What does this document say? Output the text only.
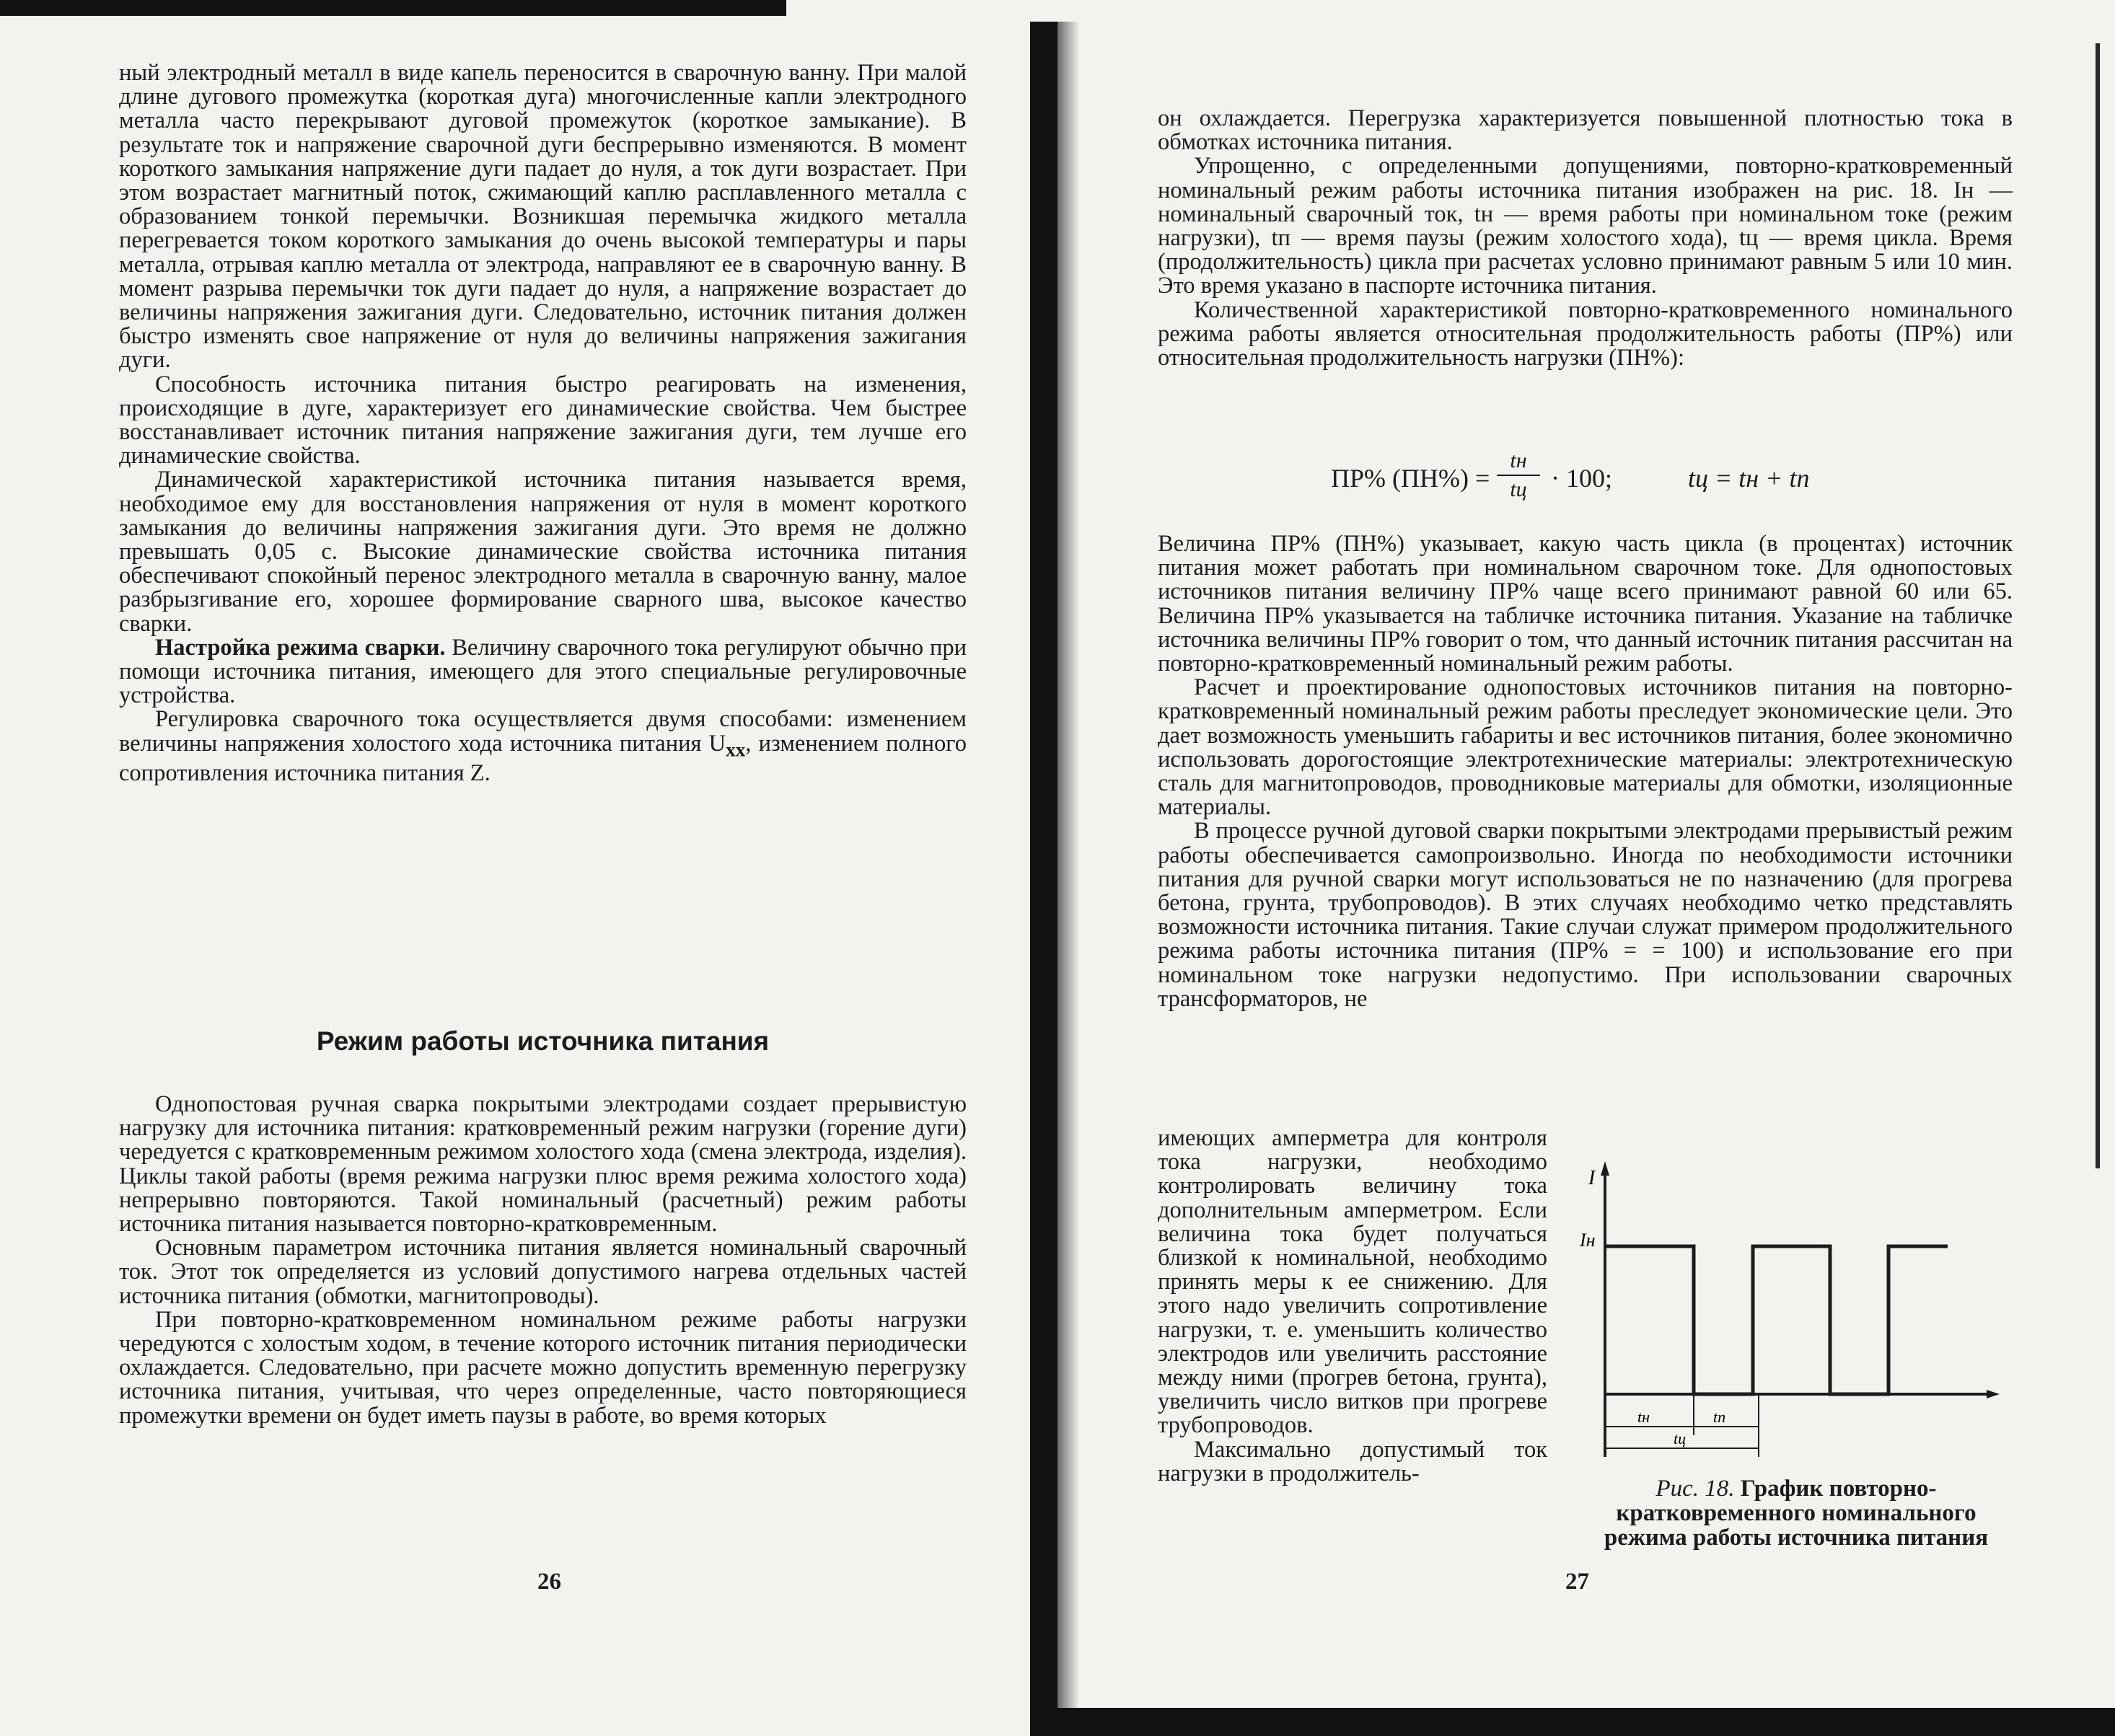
ный электродный металл в виде капель переносится в сварочную ванну. При малой длине дугового промежутка (короткая дуга) многочисленные капли электродного металла часто перекрывают дуговой промежуток (короткое замыкание). В результате ток и напряжение сварочной дуги беспрерывно изменяются. В момент короткого замыкания напряжение дуги падает до нуля, а ток дуги возрастает. При этом возрастает магнитный поток, сжимающий каплю расплавленного металла с образованием тонкой перемычки. Возникшая перемычка жидкого металла перегревается током короткого замыкания до очень высокой температуры и пары металла, отрывая каплю металла от электрода, направляют ее в сварочную ванну. В момент разрыва перемычки ток дуги падает до нуля, а напряжение возрастает до величины напряжения зажигания дуги. Следовательно, источник питания должен быстро изменять свое напряжение от нуля до величины напряжения зажигания дуги.

Способность источника питания быстро реагировать на изменения, происходящие в дуге, характеризует его динамические свойства. Чем быстрее восстанавливает источник питания напряжение зажигания дуги, тем лучше его динамические свойства.

Динамической характеристикой источника питания называется время, необходимое ему для восстановления напряжения от нуля в момент короткого замыкания до величины напряжения зажигания дуги. Это время не должно превышать 0,05 с. Высокие динамические свойства источника питания обеспечивают спокойный перенос электродного металла в сварочную ванну, малое разбрызгивание его, хорошее формирование сварного шва, высокое качество сварки.

Настройка режима сварки. Величину сварочного тока регулируют обычно при помощи источника питания, имеющего для этого специальные регулировочные устройства.

Регулировка сварочного тока осуществляется двумя способами: изменением величины напряжения холостого хода источника питания $U_{хх}$, изменением полного сопротивления источника питания Z.

Режим работы источника питания

Однопостовая ручная сварка покрытыми электродами создает прерывистую нагрузку для источника питания: кратковременный режим нагрузки (горение дуги) чередуется с кратковременным режимом холостого хода (смена электрода, изделия). Циклы такой работы (время режима нагрузки плюс время режима холостого хода) непрерывно повторяются. Такой номинальный (расчетный) режим работы источника питания называется повторно-кратковременным.

Основным параметром источника питания является номинальный сварочный ток. Этот ток определяется из условий допустимого нагрева отдельных частей источника питания (обмотки, магнитопроводы).

При повторно-кратковременном номинальном режиме работы нагрузки чередуются с холостым ходом, в течение которого источник питания периодически охлаждается. Следовательно, при расчете можно допустить временную перегрузку источника питания, учитывая, что через определенные, часто повторяющиеся промежутки времени он будет иметь паузы в работе, во время которых

26

он охлаждается. Перегрузка характеризуется повышенной плотностью тока в обмотках источника питания.

Упрощенно, с определенными допущениями, повторно-кратковременный номинальный режим работы источника питания изображен на рис. 18. Iн — номинальный сварочный ток, tн — время работы при номинальном токе (режим нагрузки), tп — время паузы (режим холостого хода), tц — время цикла. Время (продолжительность) цикла при расчетах условно принимают равным 5 или 10 мин. Это время указано в паспорте источника питания.

Количественной характеристикой повторно-кратковременного номинального режима работы является относительная продолжительность работы (ПР%) или относительная продолжительность нагрузки (ПН%):

ПР% (ПН%) =
tн
tц · 100;	tц = tн + tп

Величина ПР% (ПН%) указывает, какую часть цикла (в процентах) источник питания может работать при номинальном сварочном токе. Для однопостовых источников питания величину ПР% чаще всего принимают равной 60 или 65. Величина ПР% указывается на табличке источника питания. Указание на табличке источника величины ПР% говорит о том, что данный источник питания рассчитан на повторно-кратковременный номинальный режим работы.

Расчет и проектирование однопостовых источников питания на повторно-кратковременный номинальный режим работы преследует экономические цели. Это дает возможность уменьшить габариты и вес источников питания, более экономично использовать дорогостоящие электротехнические материалы: электротехническую сталь для магнитопроводов, проводниковые материалы для обмотки, изоляционные материалы.

В процессе ручной дуговой сварки покрытыми электродами прерывистый режим работы обеспечивается самопроизвольно. Иногда по необходимости источники питания для ручной сварки могут использоваться не по назначению (для прогрева бетона, грунта, трубопроводов). В этих случаях необходимо четко представлять возможности источника питания. Такие случаи служат примером продолжительного режима работы источника питания (ПР% = = 100) и использование его при номинальном токе нагрузки недопустимо. При использовании сварочных трансформаторов, не

имеющих амперметра для контроля тока нагрузки, необходимо контролировать величину тока дополнительным амперметром. Если величина тока будет получаться близкой к номинальной, необходимо принять меры к ее снижению. Для этого надо увеличить сопротивление нагрузки, т. е. уменьшить количество электродов или увеличить расстояние между ними (прогрев бетона, грунта), увеличить число витков при прогреве трубопроводов.

Максимально допустимый ток нагрузки в продолжитель-

I
Iн
tн	tп
tц
Рис. 18. График повторно-кратковременного номинального режима работы источника питания
27
